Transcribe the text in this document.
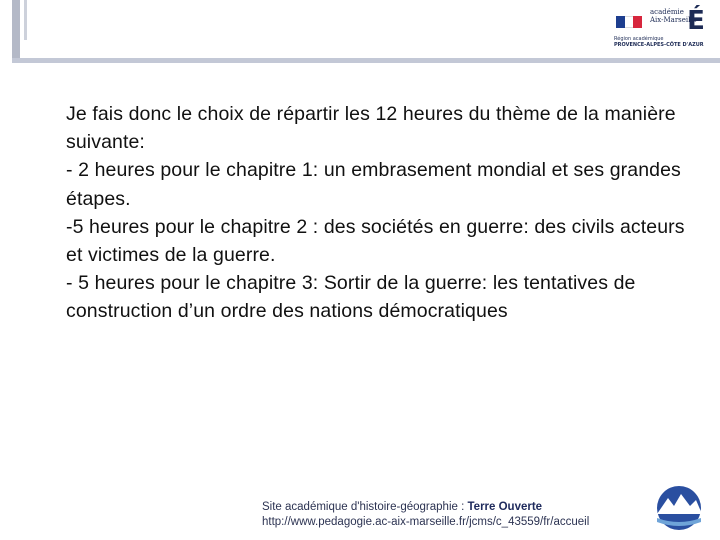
académie
Aix-Marseille
É
Région académique
PROVENCE-ALPES-CÔTE D'AZUR

Je fais donc le choix de répartir les 12 heures du thème de la manière suivante:

- 2 heures pour le chapitre 1: un embrasement mondial et ses grandes étapes.

-5 heures pour le chapitre 2 : des sociétés en guerre: des civils acteurs et victimes de la guerre.

- 5 heures pour le chapitre 3: Sortir de la guerre: les tentatives de construction d’un ordre des nations démocratiques

Site académique d'histoire-géographie : Terre Ouverte
http://www.pedagogie.ac-aix-marseille.fr/jcms/c_43559/fr/accueil
